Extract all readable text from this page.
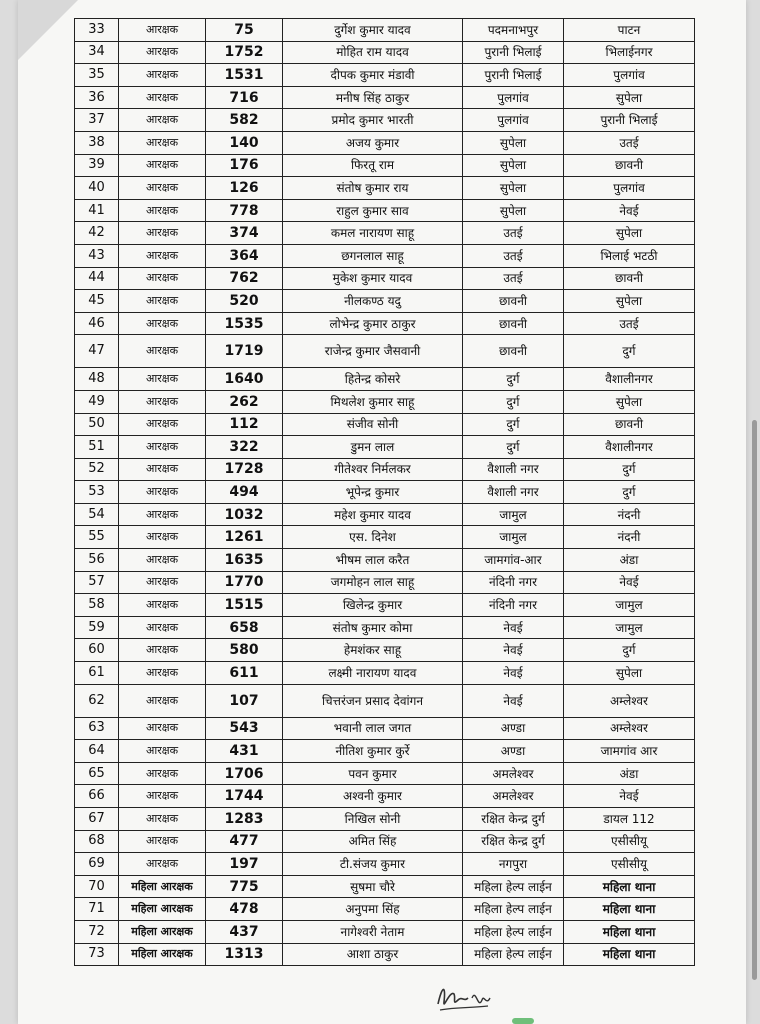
33	आरक्षक	75	दुर्गेश कुमार यादव	पदमनाभपुर	पाटन
34	आरक्षक	1752	मोहित राम यादव	पुरानी भिलाई	भिलाईनगर
35	आरक्षक	1531	दीपक कुमार मंडावी	पुरानी भिलाई	पुलगांव
36	आरक्षक	716	मनीष सिंह ठाकुर	पुलगांव	सुपेला
37	आरक्षक	582	प्रमोद कुमार भारती	पुलगांव	पुरानी भिलाई
38	आरक्षक	140	अजय कुमार	सुपेला	उतई
39	आरक्षक	176	फिरतू राम	सुपेला	छावनी
40	आरक्षक	126	संतोष कुमार राय	सुपेला	पुलगांव
41	आरक्षक	778	राहुल कुमार साव	सुपेला	नेवई
42	आरक्षक	374	कमल नारायण साहू	उतई	सुपेला
43	आरक्षक	364	छगनलाल साहू	उतई	भिलाई भटठी
44	आरक्षक	762	मुकेश कुमार यादव	उतई	छावनी
45	आरक्षक	520	नीलकण्ठ यदु	छावनी	सुपेला
46	आरक्षक	1535	लोभेन्द्र कुमार ठाकुर	छावनी	उतई
47	आरक्षक	1719	राजेन्द्र कुमार जैसवानी	छावनी	दुर्ग
48	आरक्षक	1640	हितेन्द्र कोसरे	दुर्ग	वैशालीनगर
49	आरक्षक	262	मिथलेश कुमार साहू	दुर्ग	सुपेला
50	आरक्षक	112	संजीव सोनी	दुर्ग	छावनी
51	आरक्षक	322	डुमन लाल	दुर्ग	वैशालीनगर
52	आरक्षक	1728	गीतेश्वर निर्मलकर	वैशाली नगर	दुर्ग
53	आरक्षक	494	भूपेन्द्र कुमार	वैशाली नगर	दुर्ग
54	आरक्षक	1032	महेश कुमार यादव	जामुल	नंदनी
55	आरक्षक	1261	एस. दिनेश	जामुल	नंदनी
56	आरक्षक	1635	भीषम लाल करैत	जामगांव-आर	अंडा
57	आरक्षक	1770	जगमोहन लाल साहू	नंदिनी नगर	नेवई
58	आरक्षक	1515	खिलेन्द्र कुमार	नंदिनी नगर	जामुल
59	आरक्षक	658	संतोष कुमार कोमा	नेवई	जामुल
60	आरक्षक	580	हेमशंकर साहू	नेवई	दुर्ग
61	आरक्षक	611	लक्ष्मी नारायण यादव	नेवई	सुपेला
62	आरक्षक	107	चित्तरंजन प्रसाद देवांगन	नेवई	अम्लेश्वर
63	आरक्षक	543	भवानी लाल जगत	अण्डा	अम्लेश्वर
64	आरक्षक	431	नीतिश कुमार कुर्रे	अण्डा	जामगांव आर
65	आरक्षक	1706	पवन कुमार	अमलेश्वर	अंडा
66	आरक्षक	1744	अश्वनी कुमार	अमलेश्वर	नेवई
67	आरक्षक	1283	निखिल सोनी	रक्षित केन्द्र दुर्ग	डायल 112
68	आरक्षक	477	अमित सिंह	रक्षित केन्द्र दुर्ग	एसीसीयू
69	आरक्षक	197	टी.संजय कुमार	नगपुरा	एसीसीयू
70	महिला आरक्षक	775	सुषमा चौरे	महिला हेल्प लाईन	महिला थाना
71	महिला आरक्षक	478	अनुपमा सिंह	महिला हेल्प लाईन	महिला थाना
72	महिला आरक्षक	437	नागेश्वरी नेताम	महिला हेल्प लाईन	महिला थाना
73	महिला आरक्षक	1313	आशा ठाकुर	महिला हेल्प लाईन	महिला थाना
